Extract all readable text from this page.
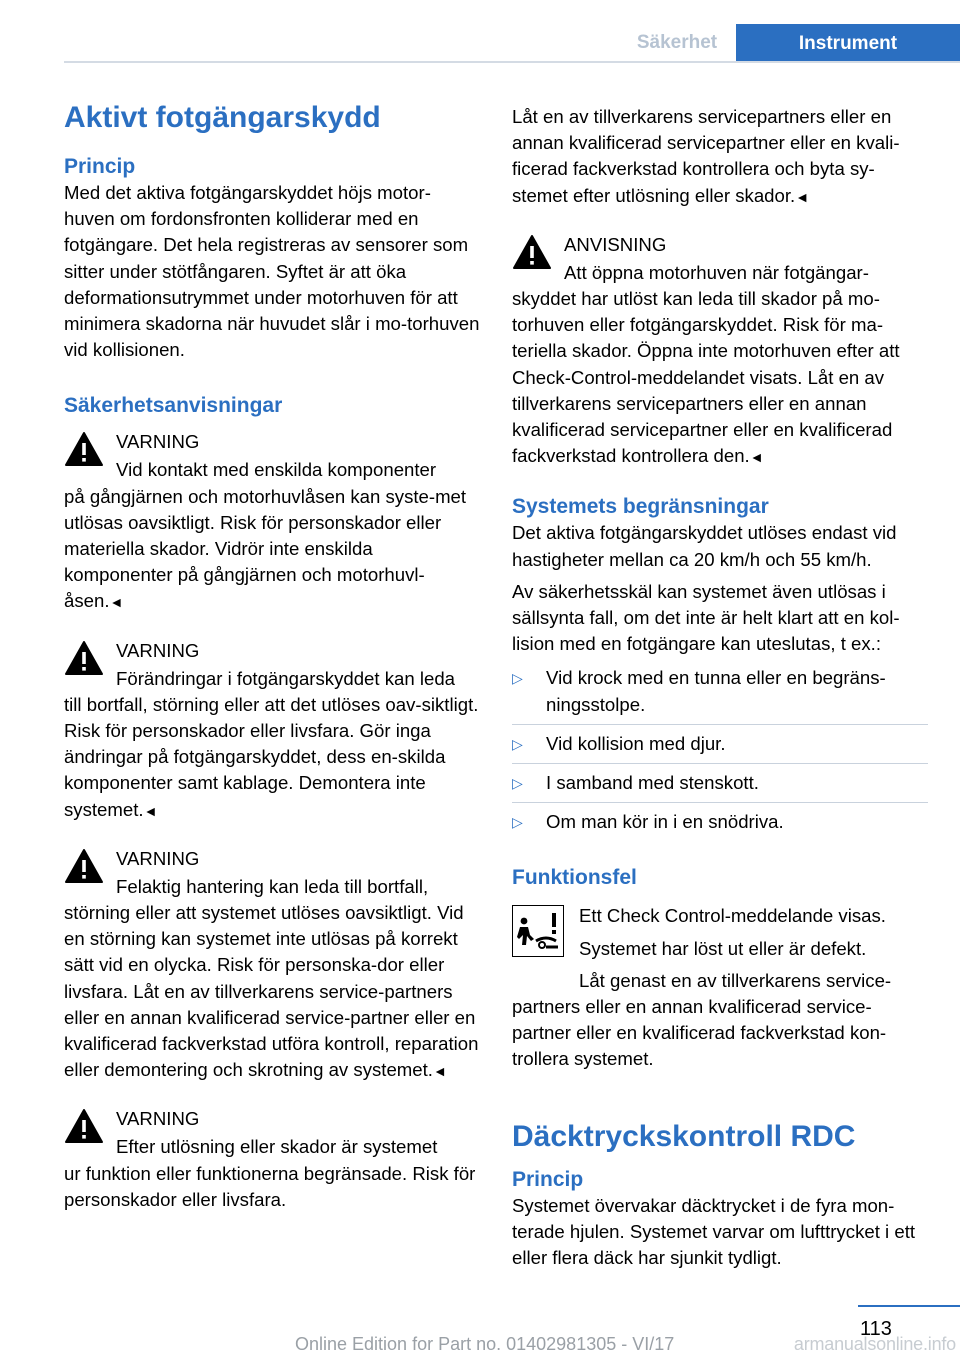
Säkerhet	Instrument
Aktivt fotgängarskydd
Princip

Med det aktiva fotgängarskyddet höjs motor-huven om fordonsfronten kolliderar med en fotgängare. Det hela registreras av sensorer som sitter under stötfångaren. Syftet är att öka deformationsutrymmet under motorhuven för att minimera skadorna när huvudet slår i mo-torhuven vid kollisionen.

Säkerhetsanvisningar

VARNING

Vid kontakt med enskilda komponenter

på gångjärnen och motorhuvlåsen kan syste-met utlösas oavsiktligt. Risk för personskador eller materiella skador. Vidrör inte enskilda komponenter på gångjärnen och motorhuvl-åsen.◄

VARNING

Förändringar i fotgängarskyddet kan leda

till bortfall, störning eller att det utlöses oav-siktligt. Risk för personskador eller livsfara. Gör inga ändringar på fotgängarskyddet, dess en-skilda komponenter samt kablage. Demontera inte systemet.◄

VARNING

Felaktig hantering kan leda till bortfall,

störning eller att systemet utlöses oavsiktligt. Vid en störning kan systemet inte utlösas på korrekt sätt vid en olycka. Risk för personska-dor eller livsfara. Låt en av tillverkarens service-partners eller en annan kvalificerad service-partner eller en kvalificerad fackverkstad utföra kontroll, reparation eller demontering och skrotning av systemet.◄

VARNING

Efter utlösning eller skador är systemet

ur funktion eller funktionerna begränsade. Risk för personskador eller livsfara.

Låt en av tillverkarens servicepartners eller en annan kvalificerad servicepartner eller en kvali-ficerad fackverkstad kontrollera och byta sy-stemet efter utlösning eller skador.◄

ANVISNING

Att öppna motorhuven när fotgängar-

skyddet har utlöst kan leda till skador på mo-torhuven eller fotgängarskyddet. Risk för ma-teriella skador. Öppna inte motorhuven efter att Check-Control-meddelandet visats. Låt en av tillverkarens servicepartners eller en annan kvalificerad servicepartner eller en kvalificerad fackverkstad kontrollera den.◄

Systemets begränsningar

Det aktiva fotgängarskyddet utlöses endast vid hastigheter mellan ca 20 km/h och 55 km/h.

Av säkerhetsskäl kan systemet även utlösas i sällsynta fall, om det inte är helt klart att en kol-lision med en fotgängare kan uteslutas, t ex.:

▷ Vid krock med en tunna eller en begräns-ningsstolpe.
▷ Vid kollision med djur.
▷ I samband med stenskott.
▷ Om man kör in i en snödriva.
Funktionsfel

Ett Check Control-meddelande visas.

Systemet har löst ut eller är defekt.

Låt genast en av tillverkarens service-

partners eller en annan kvalificerad service-partner eller en kvalificerad fackverkstad kon-trollera systemet.

Däcktryckskontroll RDC
Princip

Systemet övervakar däcktrycket i de fyra mon-terade hjulen. Systemet varvar om lufttrycket i ett eller flera däck har sjunkit tydligt.

113
Online Edition for Part no. 01402981305 - VI/17	armanualsonline.info
